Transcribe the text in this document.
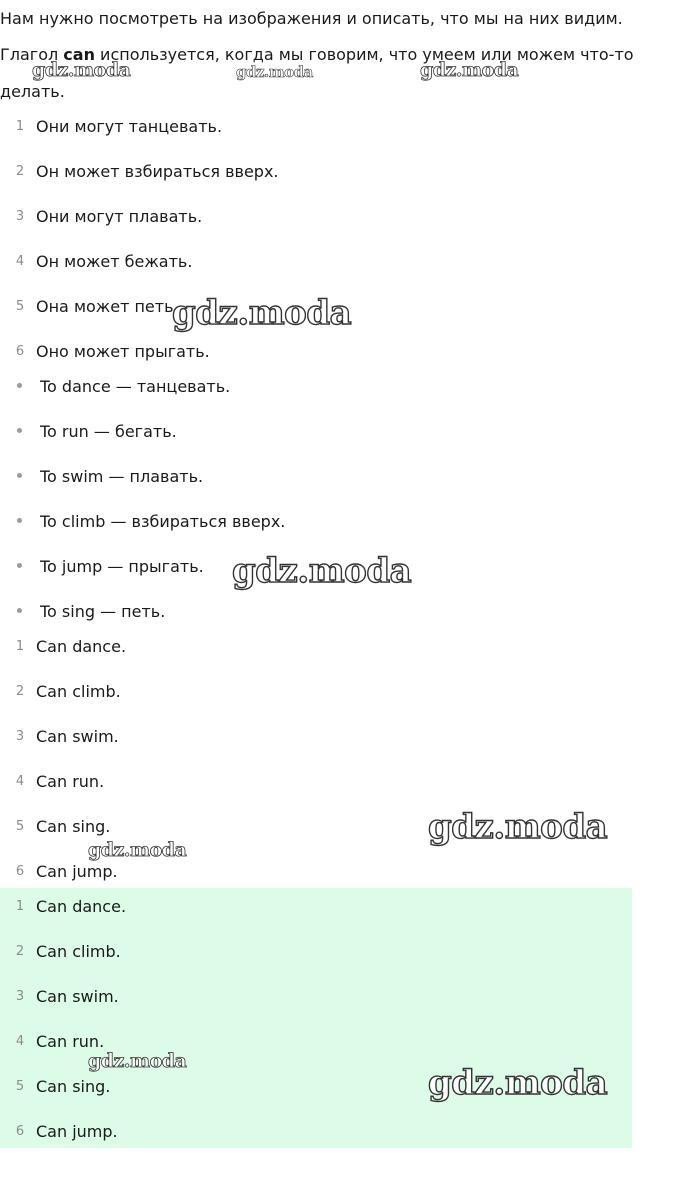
Нам нужно посмотреть на изображения и описать, что мы на них видим.

Глагол can используется, когда мы говорим, что умеем или можем что-то

делать.

1 Они могут танцевать.
2 Он может взбираться вверх.
3 Они могут плавать.
4 Он может бежать.
5 Она может петь.
6 Оно может прыгать.
To dance — танцевать.
To run — бегать.
To swim — плавать.
To climb — взбираться вверх.
To jump — прыгать.
To sing — петь.
1 Can dance.
2 Can climb.
3 Can swim.
4 Can run.
5 Can sing.
6 Can jump.
1 Can dance.
2 Can climb.
3 Can swim.
4 Can run.
5 Can sing.
6 Can jump.
gdz.moda	gdz.moda	gdz.moda
gdz.moda
gdz.moda
gdz.moda
gdz.moda
gdz.moda
gdz.moda
